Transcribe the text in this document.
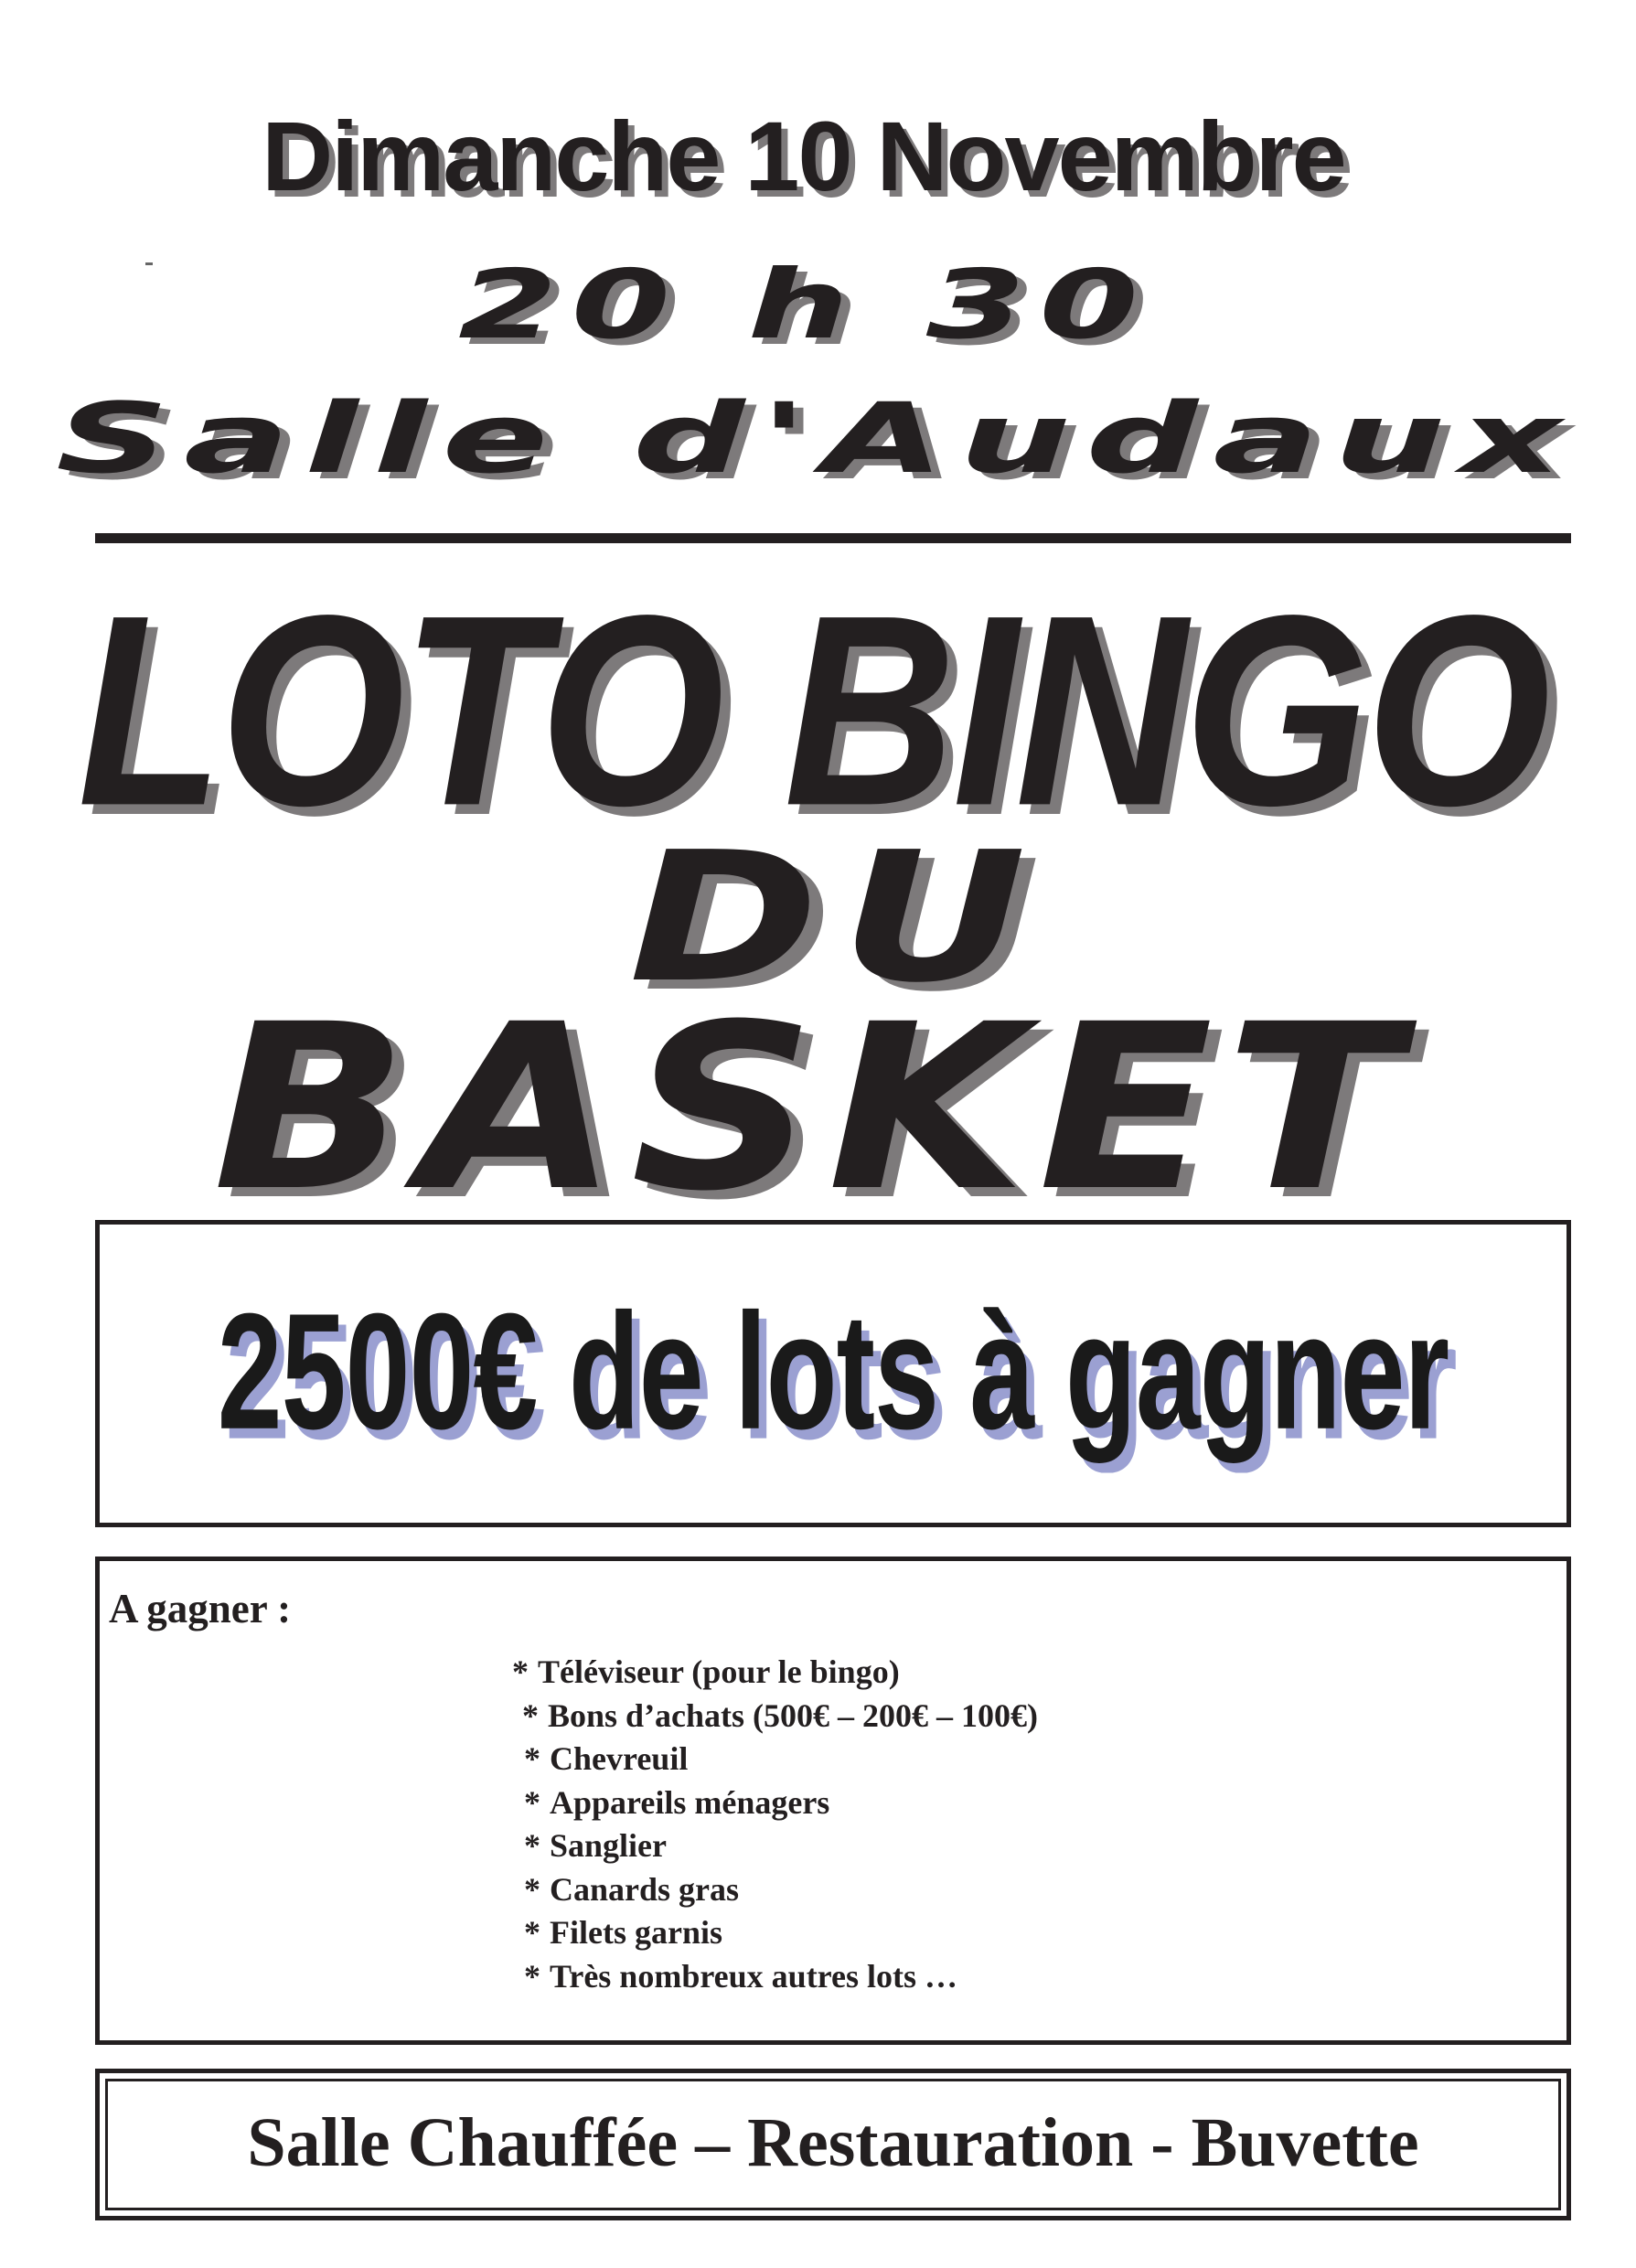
Dimanche 10 Novembre
20 h 30
Salle d'Audaux
LOTO BINGO
DU
BASKET
2500€ de lots à gagner
A gagner :
* Téléviseur (pour le bingo)
* Bons d’achats (500€ – 200€ – 100€)
* Chevreuil
* Appareils ménagers
* Sanglier
* Canards gras
* Filets garnis
* Très nombreux autres lots …
Salle Chauffée – Restauration - Buvette
